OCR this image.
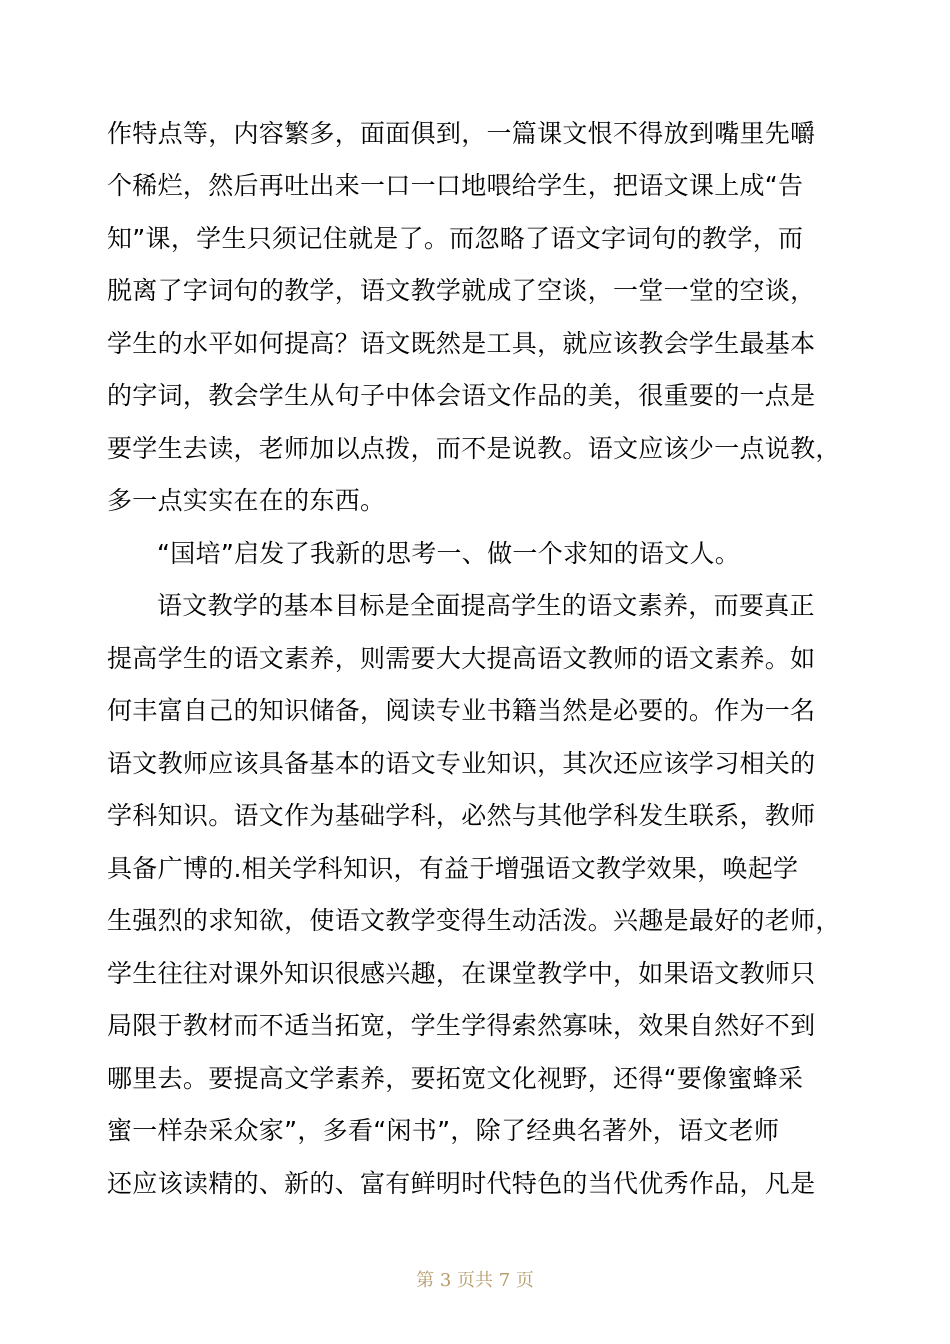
作特点等，内容繁多，面面俱到，一篇课文恨不得放到嘴里先嚼
个稀烂，然后再吐出来一口一口地喂给学生，把语文课上成“告
知”课，学生只须记住就是了。而忽略了语文字词句的教学，而
脱离了字词句的教学，语文教学就成了空谈，一堂一堂的空谈，
学生的水平如何提高？语文既然是工具，就应该教会学生最基本
的字词，教会学生从句子中体会语文作品的美，很重要的一点是
要学生去读，老师加以点拨，而不是说教。语文应该少一点说教，
多一点实实在在的东西。
“国培”启发了我新的思考一、做一个求知的语文人。
语文教学的基本目标是全面提高学生的语文素养，而要真正
提高学生的语文素养，则需要大大提高语文教师的语文素养。如
何丰富自己的知识储备，阅读专业书籍当然是必要的。作为一名
语文教师应该具备基本的语文专业知识，其次还应该学习相关的
学科知识。语文作为基础学科，必然与其他学科发生联系，教师
具备广博的.相关学科知识，有益于增强语文教学效果，唤起学
生强烈的求知欲，使语文教学变得生动活泼。兴趣是最好的老师，
学生往往对课外知识很感兴趣，在课堂教学中，如果语文教师只
局限于教材而不适当拓宽，学生学得索然寡味，效果自然好不到
哪里去。要提高文学素养，要拓宽文化视野，还得“要像蜜蜂采
蜜一样杂采众家”，多看“闲书”，除了经典名著外，语文老师
还应该读精的、新的、富有鲜明时代特色的当代优秀作品，凡是
第 3 页共 7 页
